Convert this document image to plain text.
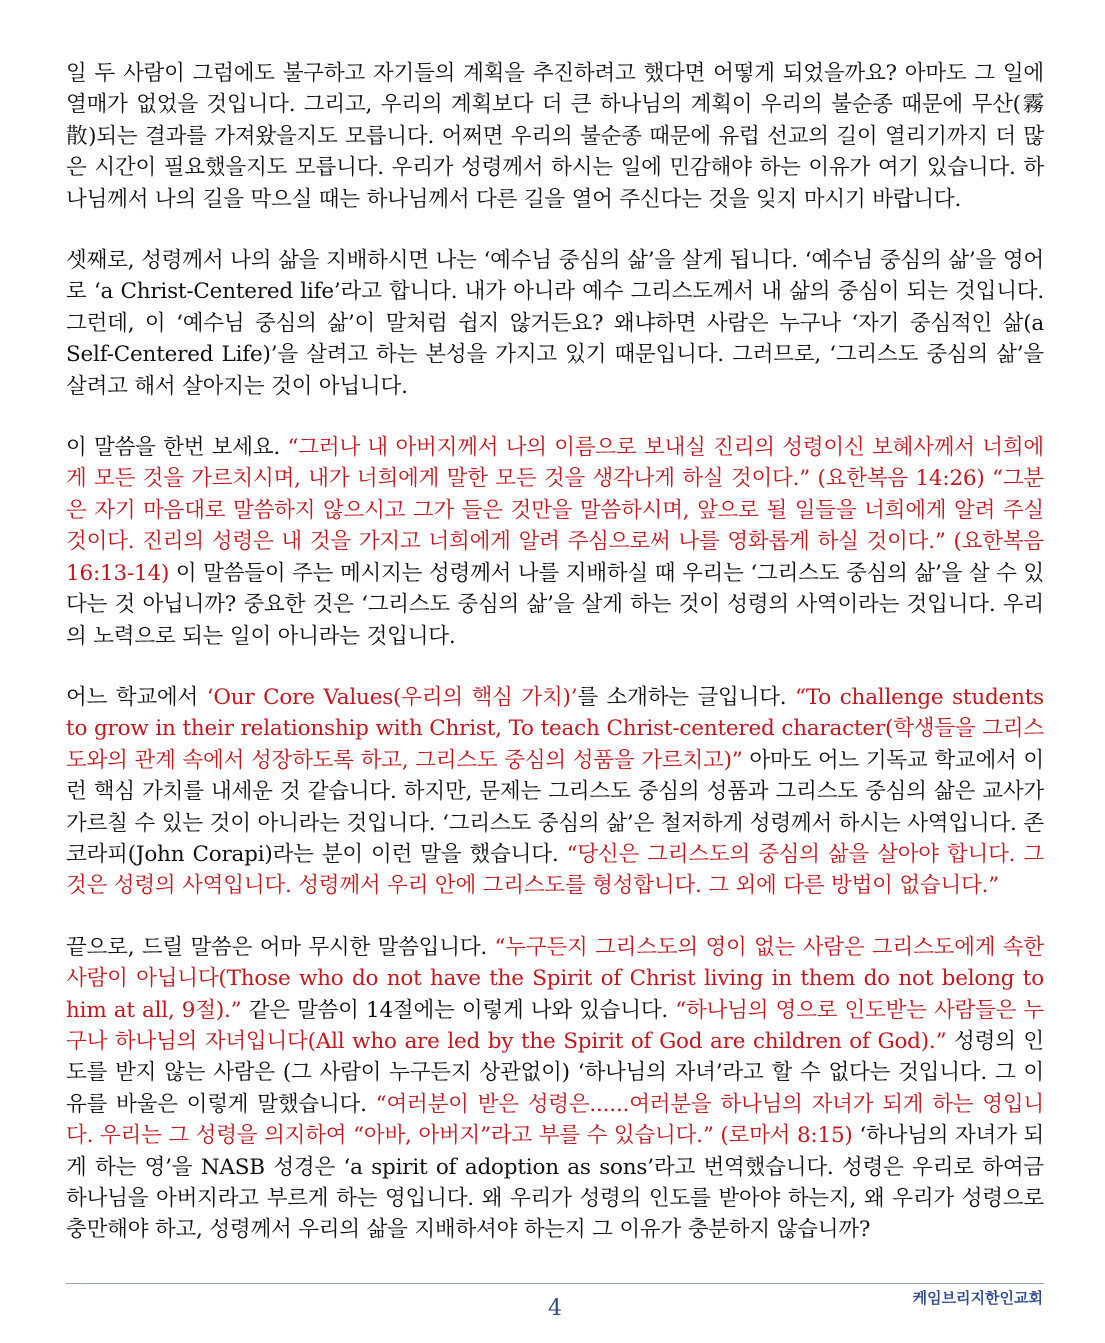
일 두 사람이 그럼에도 불구하고 자기들의 계획을 추진하려고 했다면 어떻게 되었을까요? 아마도 그 일에 열매가 없었을 것입니다. 그리고, 우리의 계획보다 더 큰 하나님의 계획이 우리의 불순종 때문에 무산(霧散)되는 결과를 가져왔을지도 모릅니다. 어쩌면 우리의 불순종 때문에 유럽 선교의 길이 열리기까지 더 많은 시간이 필요했을지도 모릅니다. 우리가 성령께서 하시는 일에 민감해야 하는 이유가 여기 있습니다. 하나님께서 나의 길을 막으실 때는 하나님께서 다른 길을 열어 주신다는 것을 잊지 마시기 바랍니다.

셋째로, 성령께서 나의 삶을 지배하시면 나는 ‘예수님 중심의 삶’을 살게 됩니다. ‘예수님 중심의 삶’을 영어로 ‘a Christ-Centered life’라고 합니다. 내가 아니라 예수 그리스도께서 내 삶의 중심이 되는 것입니다. 그런데, 이 ‘예수님 중심의 삶’이 말처럼 쉽지 않거든요? 왜냐하면 사람은 누구나 ‘자기 중심적인 삶(a Self-Centered Life)’을 살려고 하는 본성을 가지고 있기 때문입니다. 그러므로, ‘그리스도 중심의 삶’을 살려고 해서 살아지는 것이 아닙니다.

이 말씀을 한번 보세요. “그러나 내 아버지께서 나의 이름으로 보내실 진리의 성령이신 보혜사께서 너희에게 모든 것을 가르치시며, 내가 너희에게 말한 모든 것을 생각나게 하실 것이다.” (요한복음 14:26) “그분은 자기 마음대로 말씀하지 않으시고 그가 들은 것만을 말씀하시며, 앞으로 될 일들을 너희에게 알려 주실 것이다. 진리의 성령은 내 것을 가지고 너희에게 알려 주심으로써 나를 영화롭게 하실 것이다.” (요한복음 16:13-14) 이 말씀들이 주는 메시지는 성령께서 나를 지배하실 때 우리는 ‘그리스도 중심의 삶’을 살 수 있다는 것 아닙니까? 중요한 것은 ‘그리스도 중심의 삶’을 살게 하는 것이 성령의 사역이라는 것입니다. 우리의 노력으로 되는 일이 아니라는 것입니다.

어느 학교에서 ‘Our Core Values(우리의 핵심 가치)’를 소개하는 글입니다. “To challenge students to grow in their relationship with Christ, To teach Christ-centered character(학생들을 그리스도와의 관계 속에서 성장하도록 하고, 그리스도 중심의 성품을 가르치고)” 아마도 어느 기독교 학교에서 이런 핵심 가치를 내세운 것 같습니다. 하지만, 문제는 그리스도 중심의 성품과 그리스도 중심의 삶은 교사가 가르칠 수 있는 것이 아니라는 것입니다. ‘그리스도 중심의 삶’은 철저하게 성령께서 하시는 사역입니다. 존 코라피(John Corapi)라는 분이 이런 말을 했습니다. “당신은 그리스도의 중심의 삶을 살아야 합니다. 그것은 성령의 사역입니다. 성령께서 우리 안에 그리스도를 형성합니다. 그 외에 다른 방법이 없습니다.”

끝으로, 드릴 말씀은 어마 무시한 말씀입니다. “누구든지 그리스도의 영이 없는 사람은 그리스도에게 속한 사람이 아닙니다(Those who do not have the Spirit of Christ living in them do not belong to him at all, 9절).” 같은 말씀이 14절에는 이렇게 나와 있습니다. “하나님의 영으로 인도받는 사람들은 누구나 하나님의 자녀입니다(All who are led by the Spirit of God are children of God).” 성령의 인도를 받지 않는 사람은 (그 사람이 누구든지 상관없이) ‘하나님의 자녀’라고 할 수 없다는 것입니다. 그 이유를 바울은 이렇게 말했습니다. “여러분이 받은 성령은......여러분을 하나님의 자녀가 되게 하는 영입니다. 우리는 그 성령을 의지하여 “아바, 아버지”라고 부를 수 있습니다.” (로마서 8:15) ‘하나님의 자녀가 되게 하는 영’을 NASB 성경은 ‘a spirit of adoption as sons’라고 번역했습니다. 성령은 우리로 하여금 하나님을 아버지라고 부르게 하는 영입니다. 왜 우리가 성령의 인도를 받아야 하는지, 왜 우리가 성령으로 충만해야 하고, 성령께서 우리의 삶을 지배하셔야 하는지 그 이유가 충분하지 않습니까?

4	케임브리지한인교회
